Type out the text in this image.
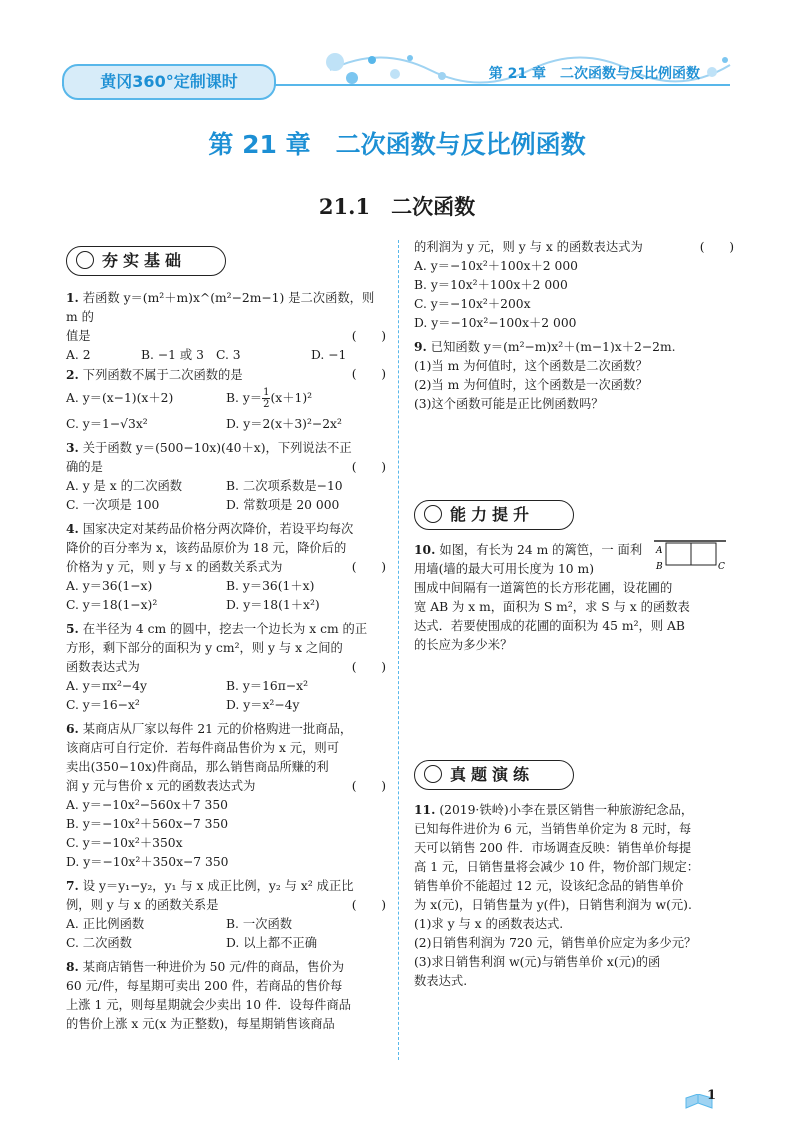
黄冈360°定制课时	第 21 章　二次函数与反比例函数
第 21 章　二次函数与反比例函数
21.1　二次函数
夯实基础

1. 若函数 y＝(m²＋m)x^(m²−2m−1) 是二次函数，则 m 的

值是	(　　)

A. 2	B. −1 或 3 C. 3	D. −1

2. 下列函数不属于二次函数的是	(　　)

A. y＝(x−1)(x＋2)	B. $y= \frac{1}{2} (x+1)^2$
C. y＝1−√3x²	D. y＝2(x＋3)²−2x²

3. 关于函数 y＝(500−10x)(40＋x)，下列说法不正

确的是	(　　)

A. y 是 x 的二次函数	B. 二次项系数是−10
C. 一次项是 100	D. 常数项是 20 000

4. 国家决定对某药品价格分两次降价，若设平均每次

降价的百分率为 x，该药品原价为 18 元，降价后的

价格为 y 元，则 y 与 x 的函数关系式为	(　　)

A. y＝36(1−x)	B. y＝36(1＋x)
C. y＝18(1−x)²	D. y＝18(1＋x²)

5. 在半径为 4 cm 的圆中，挖去一个边长为 x cm 的正

方形，剩下部分的面积为 y cm²，则 y 与 x 之间的

函数表达式为	(　　)

A. y＝πx²−4y	B. y＝16π−x²
C. y＝16−x²	D. y＝x²−4y

6. 某商店从厂家以每件 21 元的价格购进一批商品，

该商店可自行定价．若每件商品售价为 x 元，则可

卖出(350−10x)件商品，那么销售商品所赚的利

润 y 元与售价 x 元的函数表达式为	(　　)

A. y＝−10x²−560x＋7 350

B. y＝−10x²＋560x−7 350

C. y＝−10x²＋350x

D. y＝−10x²＋350x−7 350

7. 设 y＝y₁−y₂，y₁ 与 x 成正比例，y₂ 与 x² 成正比

例，则 y 与 x 的函数关系是	(　　)

A. 正比例函数	B. 一次函数
C. 二次函数	D. 以上都不正确

8. 某商店销售一种进价为 50 元/件的商品，售价为

60 元/件，每星期可卖出 200 件，若商品的售价每

上涨 1 元，则每星期就会少卖出 10 件．设每件商品

的售价上涨 x 元(x 为正整数)，每星期销售该商品

的利润为 y 元，则 y 与 x 的函数表达式为	(　　)

A. y＝−10x²＋100x＋2 000

B. y＝10x²＋100x＋2 000

C. y＝−10x²＋200x

D. y＝−10x²−100x＋2 000

9. 已知函数 y＝(m²−m)x²＋(m−1)x＋2−2m.

(1)当 m 为何值时，这个函数是二次函数？

(2)当 m 为何值时，这个函数是一次函数？

(3)这个函数可能是正比例函数吗？

能力提升

10. 如图，有长为 24 m 的篱笆，一 面利

用墙(墙的最大可用长度为 10 m)

围成中间隔有一道篱笆的长方形花圃，设花圃的

宽 AB 为 x m，面积为 S m²，求 S 与 x 的函数表

达式．若要使围成的花圃的面积为 45 m²，则 AB

的长应为多少米？

A
B	C
真题演练

11. (2019·铁岭)小李在景区销售一种旅游纪念品，

已知每件进价为 6 元，当销售单价定为 8 元时，每

天可以销售 200 件．市场调查反映：销售单价每提

高 1 元，日销售量将会减少 10 件，物价部门规定：

销售单价不能超过 12 元，设该纪念品的销售单价

为 x(元)，日销售量为 y(件)，日销售利润为 w(元).

(1)求 y 与 x 的函数表达式.

(2)日销售利润为 720 元，销售单价应定为多少元？

(3)求日销售利润 w(元)与销售单价 x(元)的函

数表达式.

1
